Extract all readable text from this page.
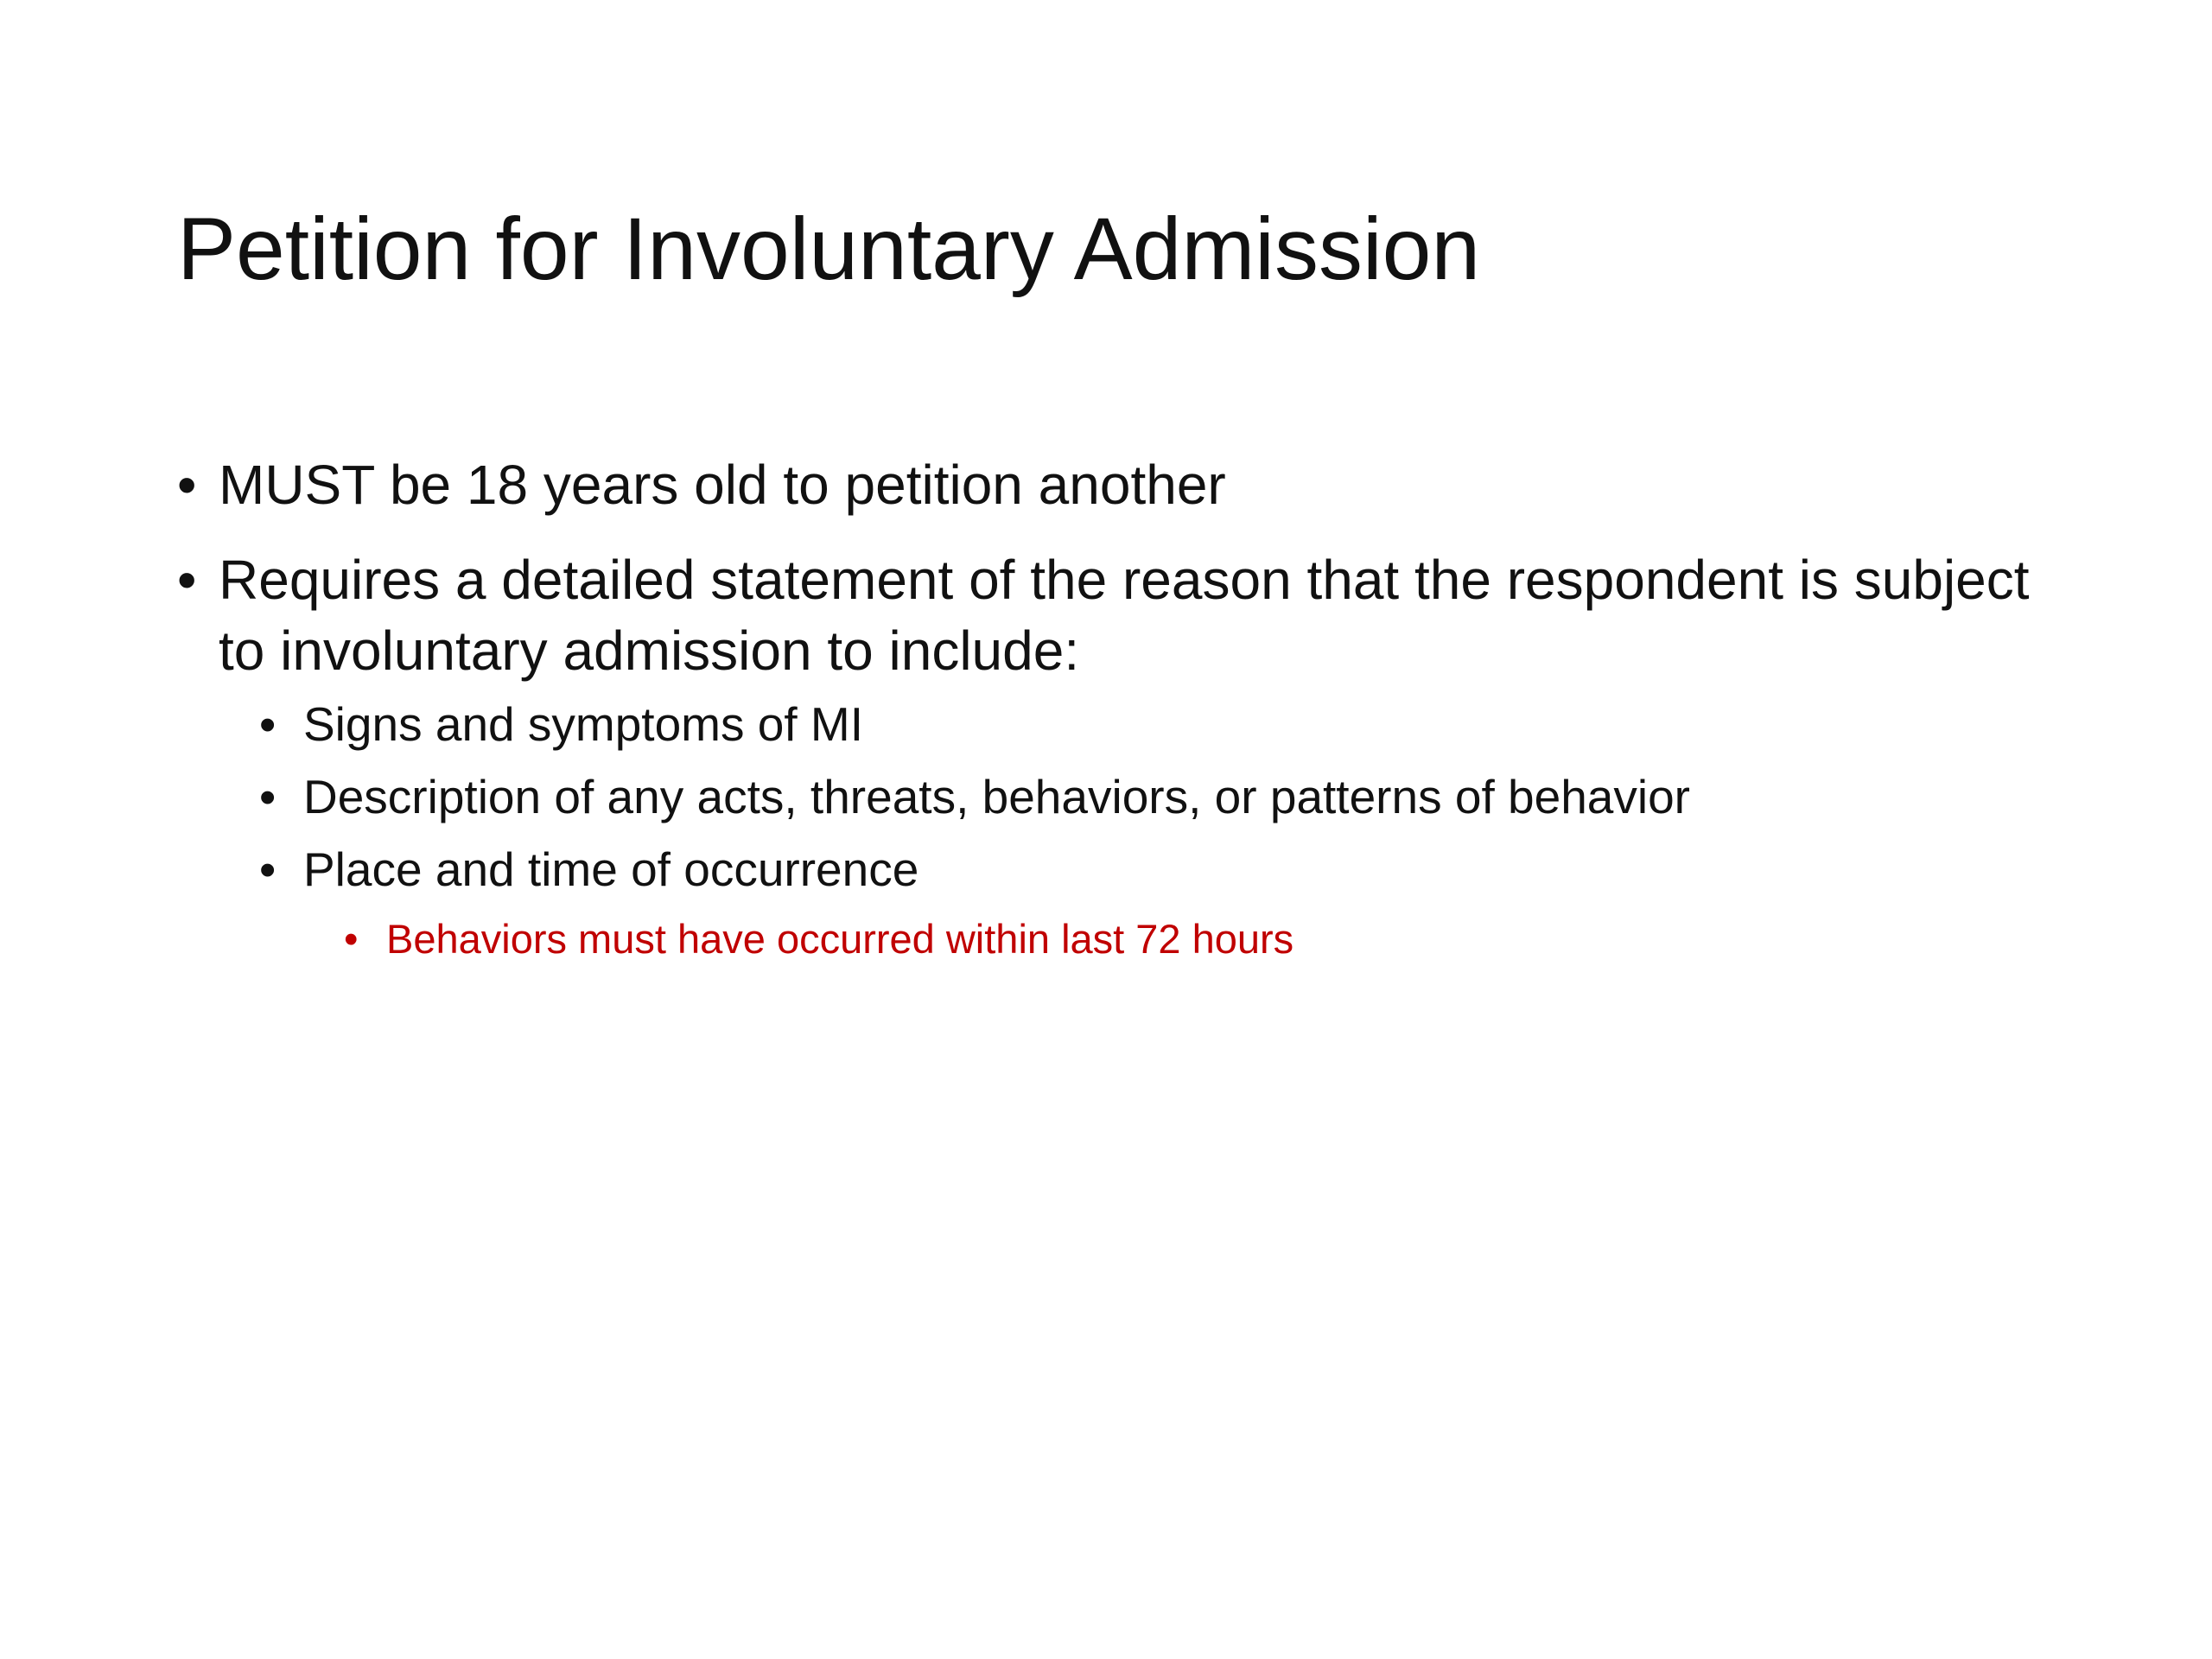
Petition for Involuntary Admission
• MUST be 18 years old to petition another
• Requires a detailed statement of the reason that the respondent is subject to involuntary admission to include:
• Signs and symptoms of MI
• Description of any acts, threats, behaviors, or patterns of behavior
• Place and time of occurrence
• Behaviors must have occurred within last 72 hours
